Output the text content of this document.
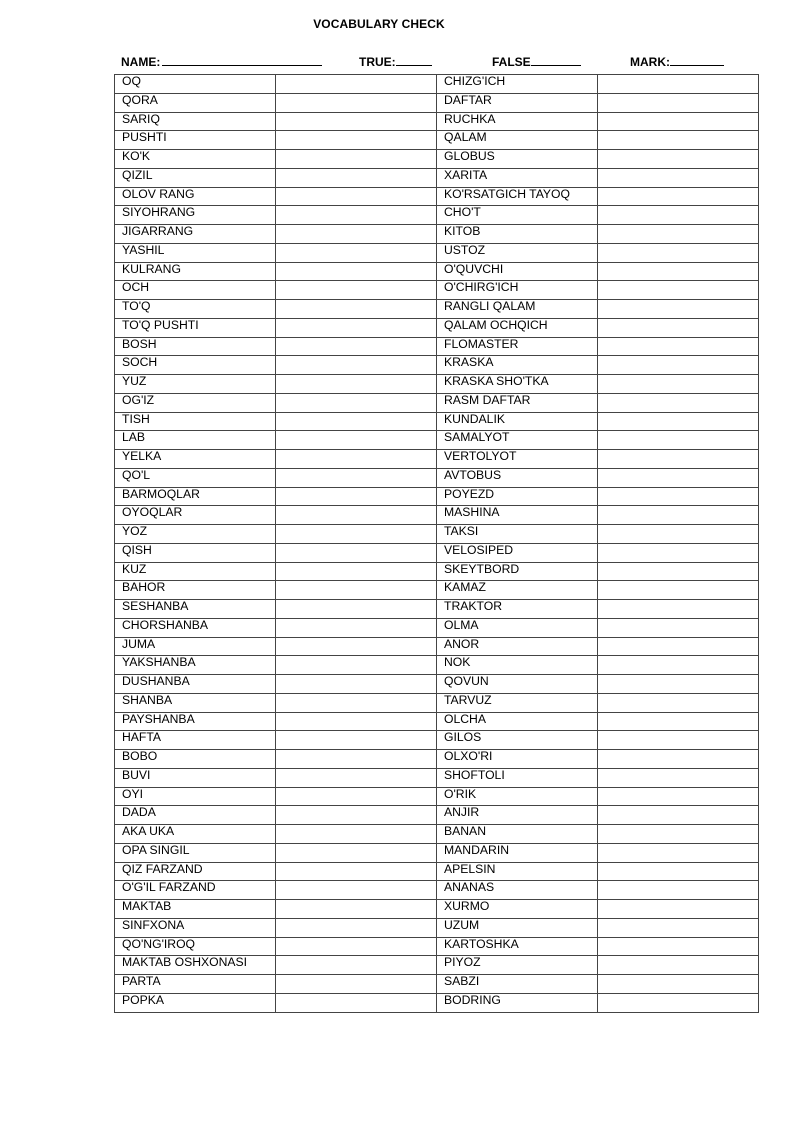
VOCABULARY CHECK
NAME:	TRUE:	FALSE	MARK:
OQ		CHIZG'ICH	
QORA		DAFTAR	
SARIQ		RUCHKA	
PUSHTI		QALAM	
KO'K		GLOBUS	
QIZIL		XARITA	
OLOV RANG		KO'RSATGICH TAYOQ	
SIYOHRANG		CHO'T	
JIGARRANG		KITOB	
YASHIL		USTOZ	
KULRANG		O'QUVCHI	
OCH		O'CHIRG'ICH	
TO'Q		RANGLI QALAM	
TO'Q PUSHTI		QALAM OCHQICH	
BOSH		FLOMASTER	
SOCH		KRASKA	
YUZ		KRASKA SHO'TKA	
OG'IZ		RASM DAFTAR	
TISH		KUNDALIK	
LAB		SAMALYOT	
YELKA		VERTOLYOT	
QO'L		AVTOBUS	
BARMOQLAR		POYEZD	
OYOQLAR		MASHINA	
YOZ		TAKSI	
QISH		VELOSIPED	
KUZ		SKEYTBORD	
BAHOR		KAMAZ	
SESHANBA		TRAKTOR	
CHORSHANBA		OLMA	
JUMA		ANOR	
YAKSHANBA		NOK	
DUSHANBA		QOVUN	
SHANBA		TARVUZ	
PAYSHANBA		OLCHA	
HAFTA		GILOS	
BOBO		OLXO'RI	
BUVI		SHOFTOLI	
OYI		O'RIK	
DADA		ANJIR	
AKA UKA		BANAN	
OPA SINGIL		MANDARIN	
QIZ FARZAND		APELSIN	
O'G'IL FARZAND		ANANAS	
MAKTAB		XURMO	
SINFXONA		UZUM	
QO'NG'IROQ		KARTOSHKA	
MAKTAB OSHXONASI		PIYOZ	
PARTA		SABZI	
POPKA		BODRING	
